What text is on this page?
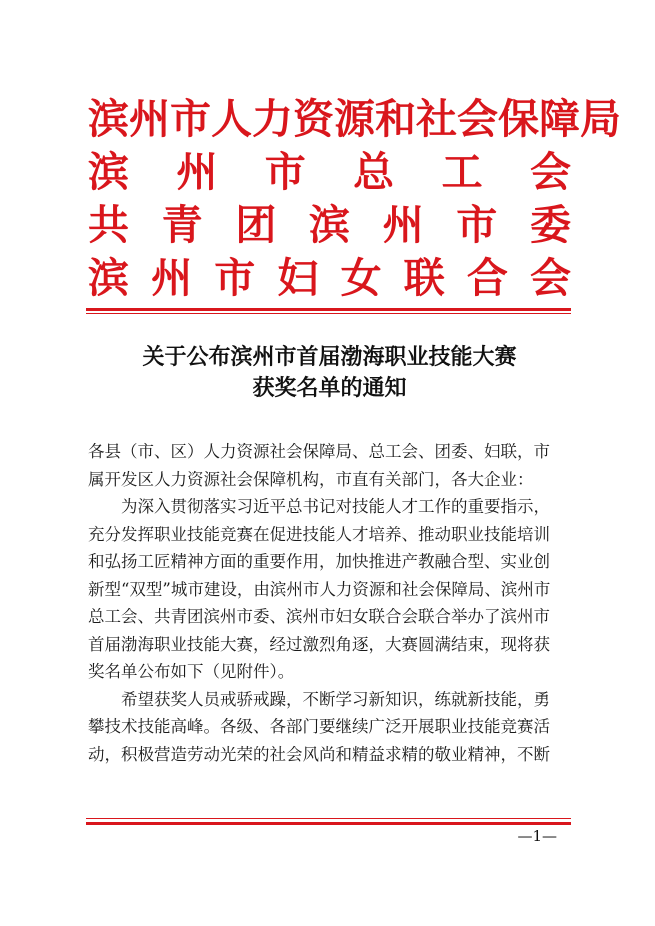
滨 州 市 人 力 资 源 和 社 会 保 障 局
滨 州 市 总 工 会
共 青 团 滨 州 市 委
滨 州 市 妇 女 联 合 会
关于公布滨州市首届渤海职业技能大赛
获奖名单的通知
各县（市、区）人力资源社会保障局、总工会、团委、妇联，市
属开发区人力资源社会保障机构，市直有关部门，各大企业：
为深入贯彻落实习近平总书记对技能人才工作的重要指示，
充分发挥职业技能竞赛在促进技能人才培养、推动职业技能培训
和弘扬工匠精神方面的重要作用，加快推进产教融合型、实业创
新型“双型”城市建设，由滨州市人力资源和社会保障局、滨州市
总工会、共青团滨州市委、滨州市妇女联合会联合举办了滨州市
首届渤海职业技能大赛，经过激烈角逐，大赛圆满结束，现将获
奖名单公布如下（见附件）。
希望获奖人员戒骄戒躁，不断学习新知识，练就新技能，勇
攀技术技能高峰。各级、各部门要继续广泛开展职业技能竞赛活
动，积极营造劳动光荣的社会风尚和精益求精的敬业精神，不断
—1—
